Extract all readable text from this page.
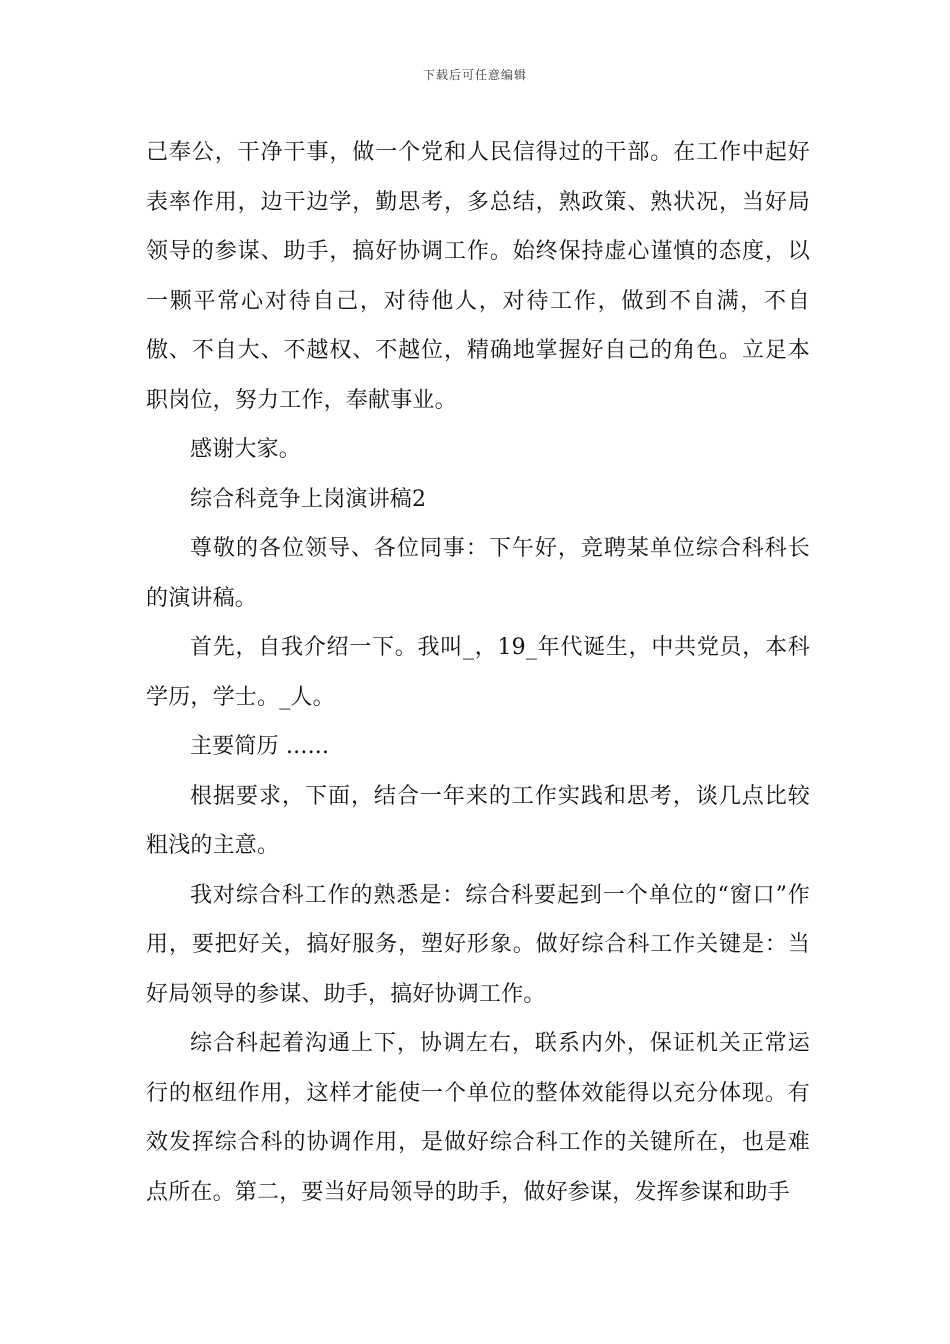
下载后可任意编辑

己奉公，干净干事，做一个党和人民信得过的干部。在工作中起好表率作用，边干边学，勤思考，多总结，熟政策、熟状况，当好局领导的参谋、助手，搞好协调工作。始终保持虚心谨慎的态度，以一颗平常心对待自己，对待他人，对待工作，做到不自满，不自傲、不自大、不越权、不越位，精确地掌握好自己的角色。立足本职岗位，努力工作，奉献事业。

感谢大家。

综合科竞争上岗演讲稿2

尊敬的各位领导、各位同事：下午好，竞聘某单位综合科科长的演讲稿。

首先，自我介绍一下。我叫_，19_年代诞生，中共党员，本科学历，学士。_人。

主要简历 ......

根据要求，下面，结合一年来的工作实践和思考，谈几点比较粗浅的主意。

我对综合科工作的熟悉是：综合科要起到一个单位的“窗口”作用，要把好关，搞好服务，塑好形象。做好综合科工作关键是：当好局领导的参谋、助手，搞好协调工作。

综合科起着沟通上下，协调左右，联系内外，保证机关正常运行的枢纽作用，这样才能使一个单位的整体效能得以充分体现。有效发挥综合科的协调作用，是做好综合科工作的关键所在，也是难点所在。第二，要当好局领导的助手，做好参谋，发挥参谋和助手
